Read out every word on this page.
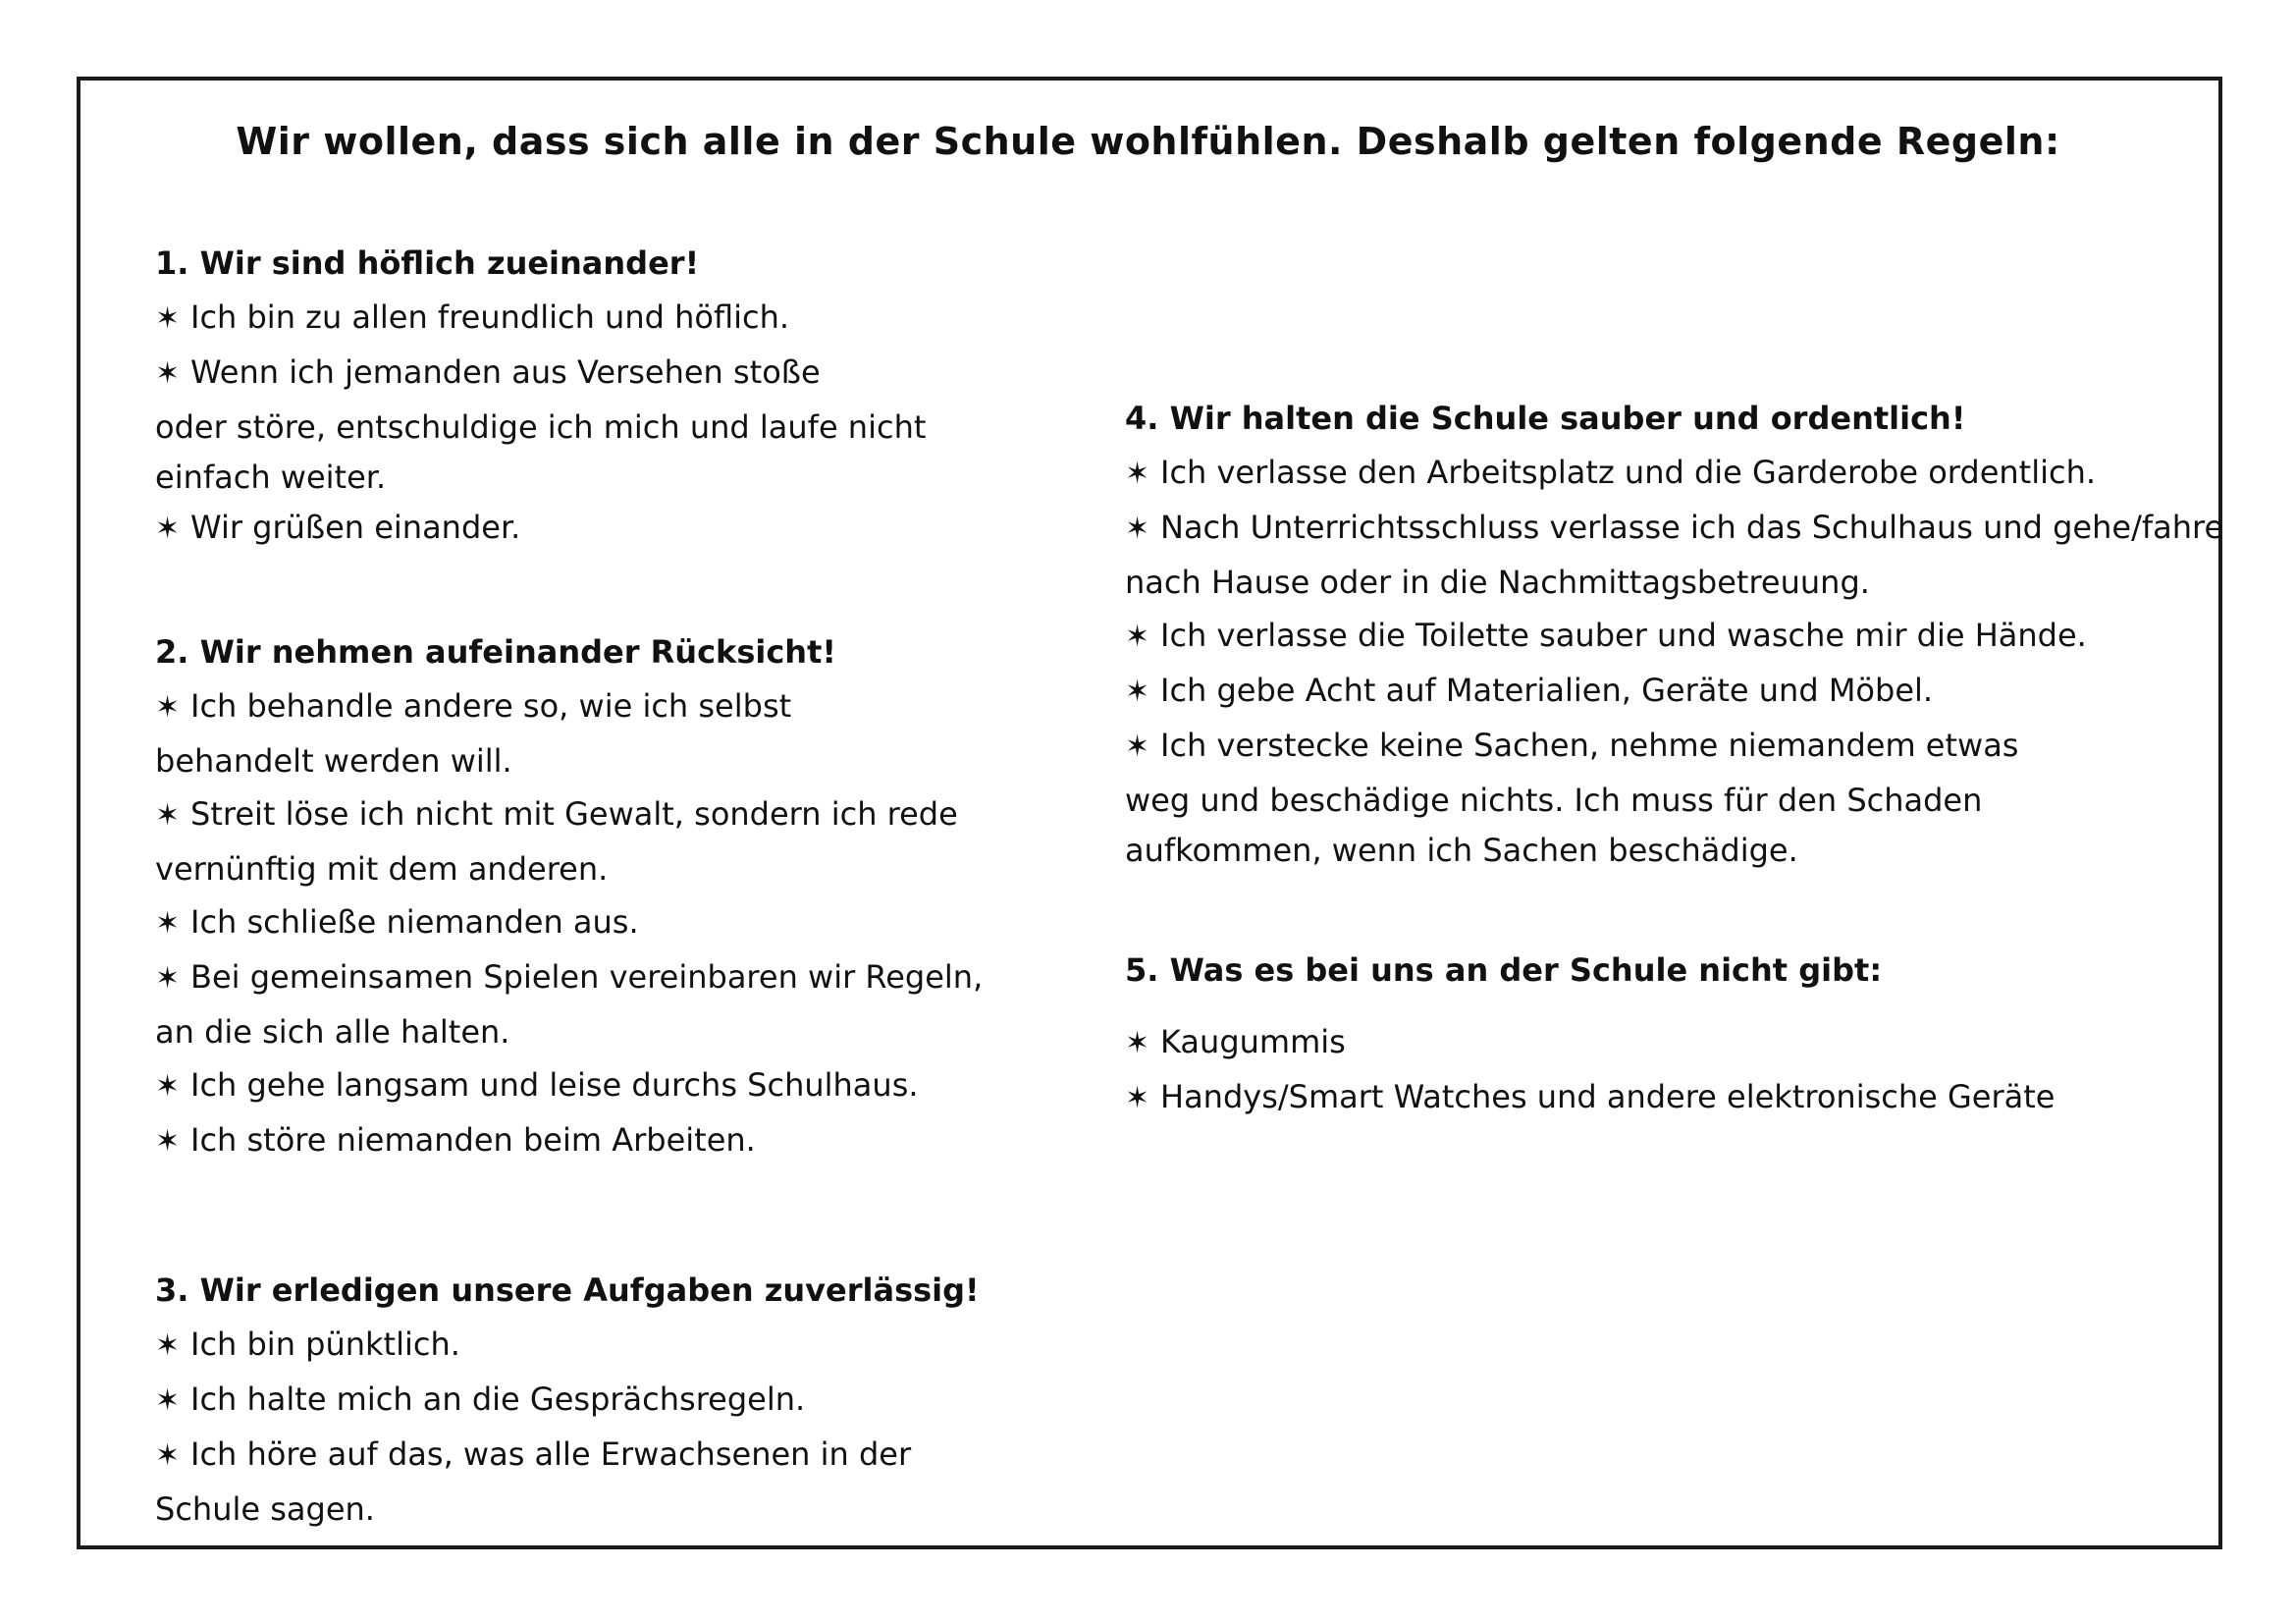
Wir wollen, dass sich alle in der Schule wohlfühlen. Deshalb gelten folgende Regeln:
1. Wir sind höflich zueinander!
✶ Ich bin zu allen freundlich und höflich.
✶ Wenn ich jemanden aus Versehen stoße
oder störe, entschuldige ich mich und laufe nicht
einfach weiter.
✶ Wir grüßen einander.
2. Wir nehmen aufeinander Rücksicht!
✶ Ich behandle andere so, wie ich selbst
behandelt werden will.
✶ Streit löse ich nicht mit Gewalt, sondern ich rede
vernünftig mit dem anderen.
✶ Ich schließe niemanden aus.
✶ Bei gemeinsamen Spielen vereinbaren wir Regeln,
an die sich alle halten.
✶ Ich gehe langsam und leise durchs Schulhaus.
✶ Ich störe niemanden beim Arbeiten.
3. Wir erledigen unsere Aufgaben zuverlässig!
✶ Ich bin pünktlich.
✶ Ich halte mich an die Gesprächsregeln.
✶ Ich höre auf das, was alle Erwachsenen in der
Schule sagen.
4. Wir halten die Schule sauber und ordentlich!
✶ Ich verlasse den Arbeitsplatz und die Garderobe ordentlich.
✶ Nach Unterrichtsschluss verlasse ich das Schulhaus und gehe/fahre
nach Hause oder in die Nachmittagsbetreuung.
✶ Ich verlasse die Toilette sauber und wasche mir die Hände.
✶ Ich gebe Acht auf Materialien, Geräte und Möbel.
✶ Ich verstecke keine Sachen, nehme niemandem etwas
weg und beschädige nichts. Ich muss für den Schaden
aufkommen, wenn ich Sachen beschädige.
5. Was es bei uns an der Schule nicht gibt:
✶ Kaugummis
✶ Handys/Smart Watches und andere elektronische Geräte
